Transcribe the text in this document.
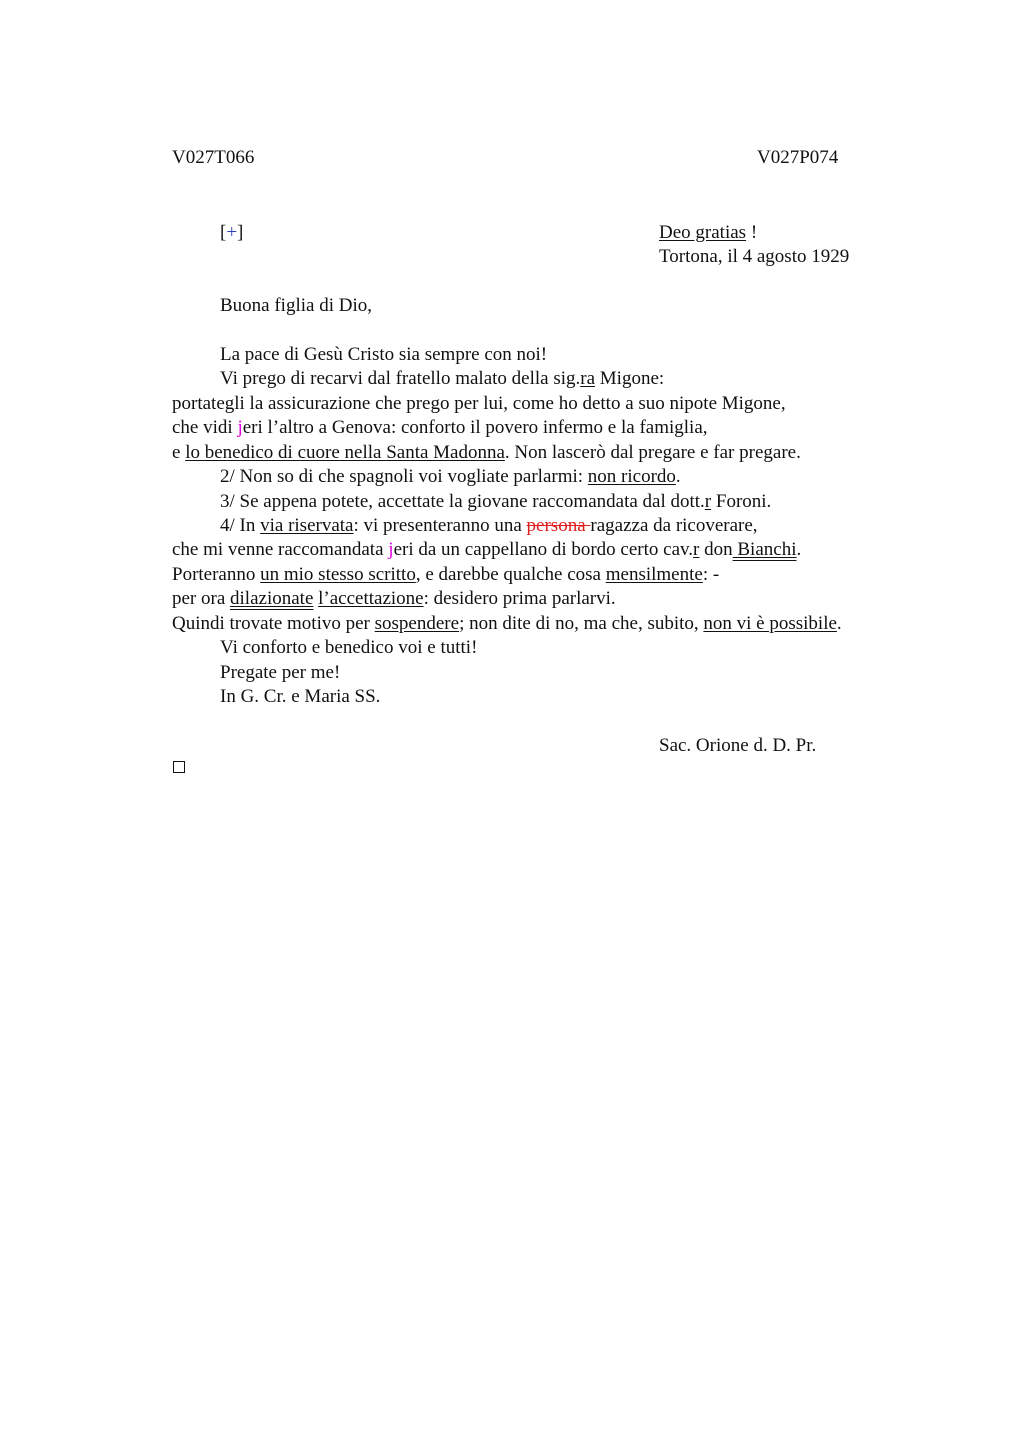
V027T066	V027P074
[+]	Deo gratias !
Tortona, il 4 agosto 1929
Buona figlia di Dio,
La pace di Gesù Cristo sia sempre con noi!
Vi prego di recarvi dal fratello malato della sig.ra Migone:
portategli la assicurazione che prego per lui, come ho detto a suo nipote Migone,
che vidi jeri l’altro a Genova: conforto il povero infermo e la famiglia,
e lo benedico di cuore nella Santa Madonna. Non lascerò dal pregare e far pregare.
2/ Non so di che spagnoli voi vogliate parlarmi: non ricordo.
3/ Se appena potete, accettate la giovane raccomandata dal dott.r Foroni.
4/ In via riservata: vi presenteranno una persona ragazza da ricoverare,
che mi venne raccomandata jeri da un cappellano di bordo certo cav.r don Bianchi.
Porteranno un mio stesso scritto, e darebbe qualche cosa mensilmente: -
per ora dilazionate l’accettazione: desidero prima parlarvi.
Quindi trovate motivo per sospendere; non dite di no, ma che, subito, non vi è possibile.
Vi conforto e benedico voi e tutti!
Pregate per me!
In G. Cr. e Maria SS.
Sac. Orione d. D. Pr.
